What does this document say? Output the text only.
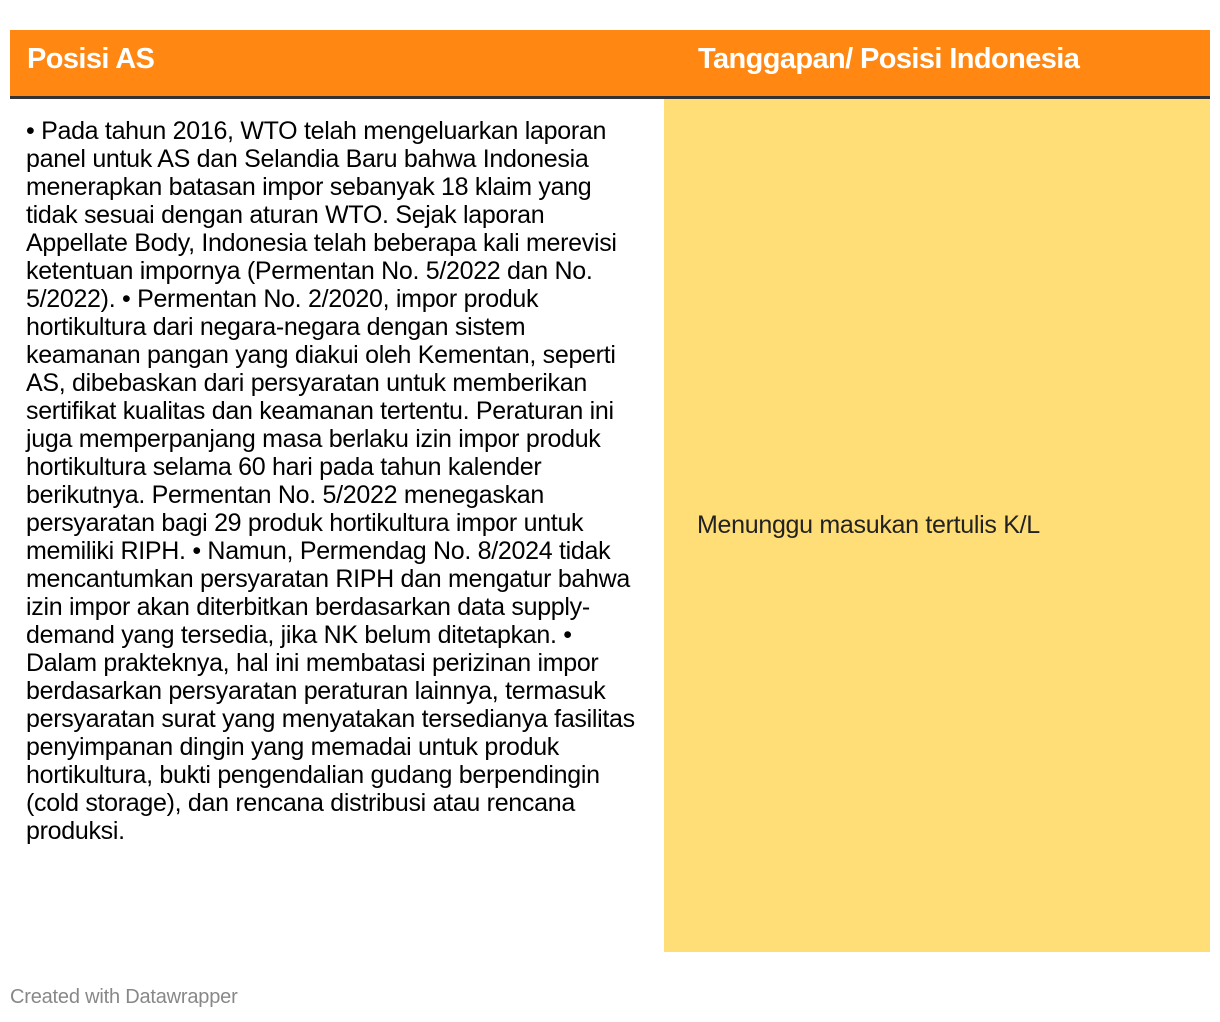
Posisi AS	Tanggapan/ Posisi Indonesia
• Pada tahun 2016, WTO telah mengeluarkan laporan panel untuk AS dan Selandia Baru bahwa Indonesia menerapkan batasan impor sebanyak 18 klaim yang tidak sesuai dengan aturan WTO. Sejak laporan Appellate Body, Indonesia telah beberapa kali merevisi ketentuan impornya (Permentan No. 5/2022 dan No. 5/2022). • Permentan No. 2/2020, impor produk hortikultura dari negara-negara dengan sistem keamanan pangan yang diakui oleh Kementan, seperti AS, dibebaskan dari persyaratan untuk memberikan sertifikat kualitas dan keamanan tertentu. Peraturan ini juga memperpanjang masa berlaku izin impor produk hortikultura selama 60 hari pada tahun kalender berikutnya. Permentan No. 5/2022 menegaskan persyaratan bagi 29 produk hortikultura impor untuk memiliki RIPH. • Namun, Permendag No. 8/2024 tidak mencantumkan persyaratan RIPH dan mengatur bahwa izin impor akan diterbitkan berdasarkan data supply-demand yang tersedia, jika NK belum ditetapkan. • Dalam prakteknya, hal ini membatasi perizinan impor berdasarkan persyaratan peraturan lainnya, termasuk persyaratan surat yang menyatakan tersedianya fasilitas penyimpanan dingin yang memadai untuk produk hortikultura, bukti pengendalian gudang berpendingin (cold storage), dan rencana distribusi atau rencana produksi.
Menunggu masukan tertulis K/L
Created with Datawrapper
